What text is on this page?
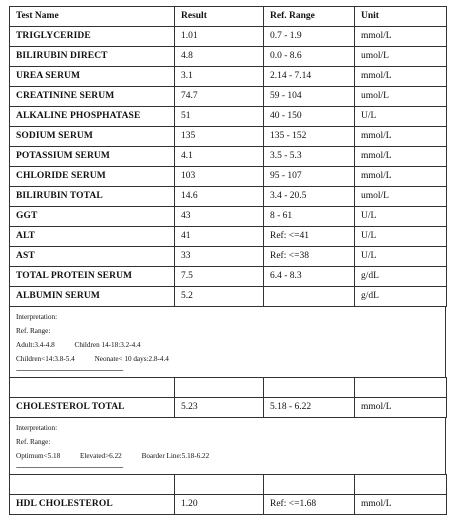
Test Name	Result	Ref. Range	Unit
TRIGLYCERIDE	1.01	0.7 - 1.9	mmol/L
BILIRUBIN DIRECT	4.8	0.0 - 8.6	umol/L
UREA SERUM	3.1	2.14 - 7.14	mmol/L
CREATININE SERUM	74.7	59 - 104	umol/L
ALKALINE PHOSPHATASE	51	40 - 150	U/L
SODIUM SERUM	135	135 - 152	mmol/L
POTASSIUM SERUM	4.1	3.5 - 5.3	mmol/L
CHLORIDE SERUM	103	95 - 107	mmol/L
BILIRUBIN TOTAL	14.6	3.4 - 20.5	umol/L
GGT	43	8 - 61	U/L
ALT	41	Ref: <=41	U/L
AST	33	Ref: <=38	U/L
TOTAL PROTEIN SERUM	7.5	6.4 - 8.3	g/dL
ALBUMIN SERUM	5.2		g/dL
Interpretation:
Ref. Range:
Adult:3.4-4.8	Children 14-18:3.2-4.4
Children<14:3.8-5.4	Neonate< 10 days:2.8-4.4
--------------------------------------------------------------------------------

CHOLESTEROL TOTAL	5.23	5.18 - 6.22	mmol/L
Interpretation:
Ref. Range:
Optimum<5.18	Elevated>6.22	Boarder Line:5.18-6.22
--------------------------------------------------------------------------------

HDL CHOLESTEROL	1.20	Ref: <=1.68	mmol/L
